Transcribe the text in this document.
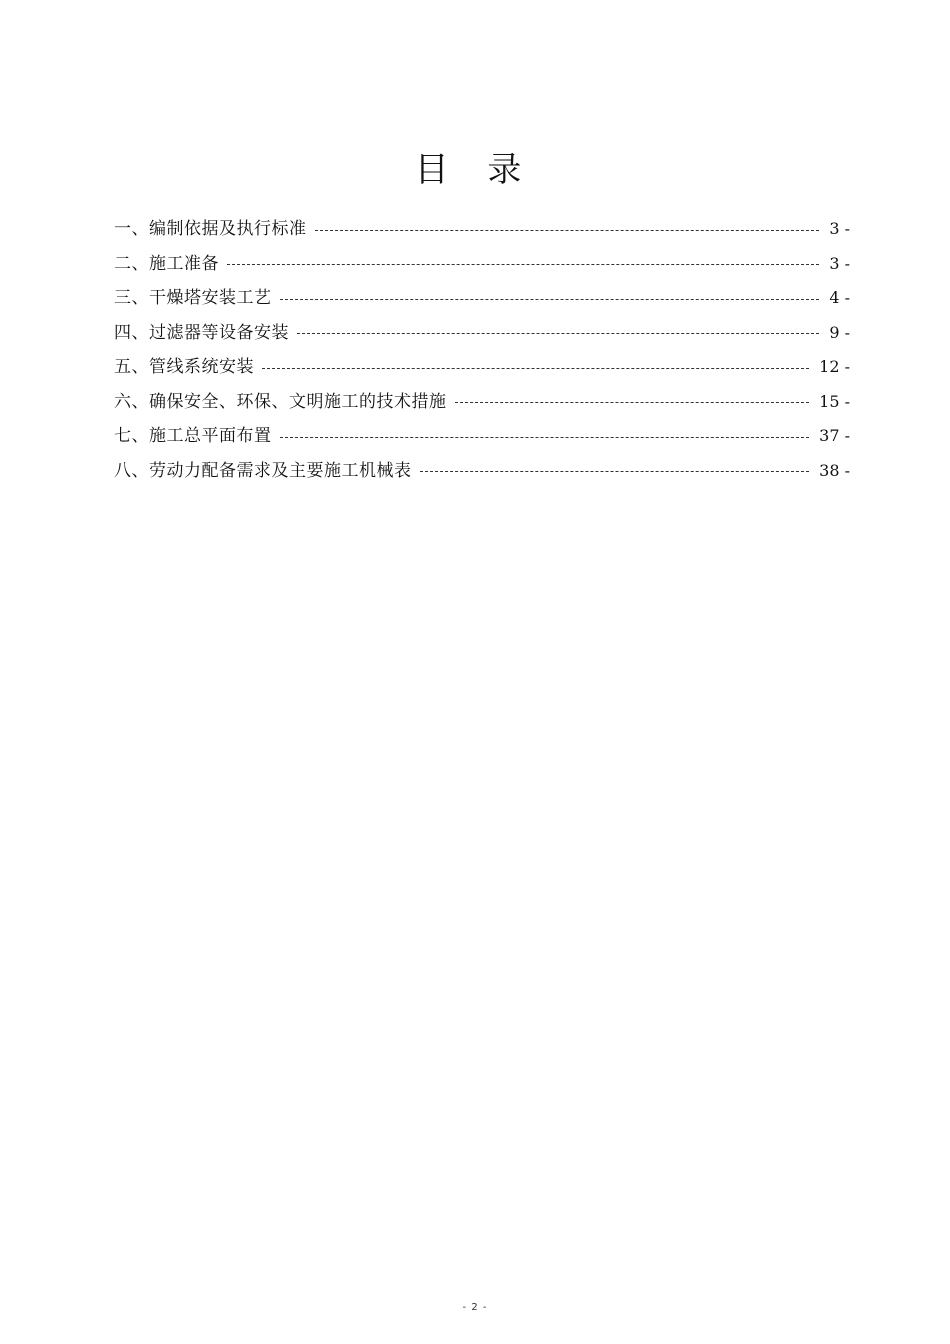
目 录
一、编制依据及执行标准	3 -
二、施工准备	3 -
三、干燥塔安装工艺	4 -
四、过滤器等设备安装	9 -
五、管线系统安装	12 -
六、确保安全、环保、文明施工的技术措施	15 -
七、施工总平面布置	37 -
八、劳动力配备需求及主要施工机械表	38 -
- 2 -
